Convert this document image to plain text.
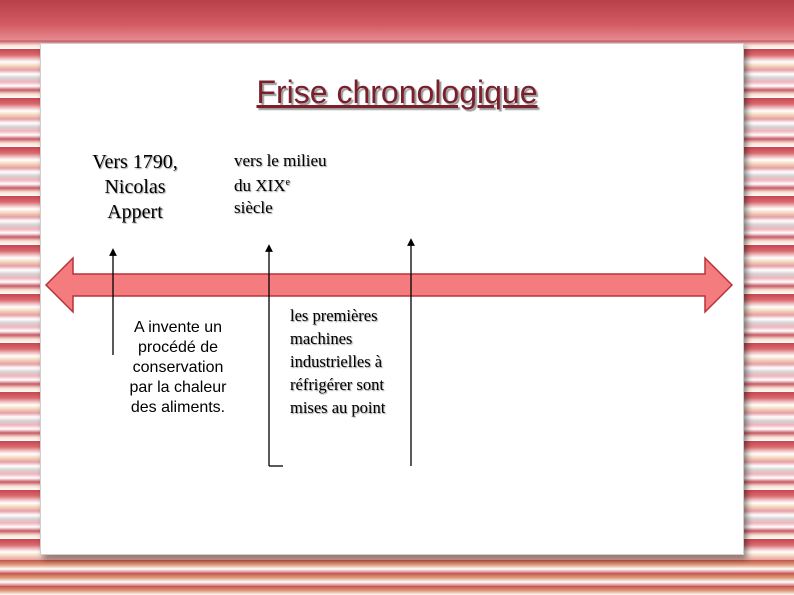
Frise chronologique
Vers 1790, Nicolas Appert
vers le milieu du XIXe
siècle
A invente un procédé de conservation par la chaleur des aliments.
les premières machines industrielles à réfrigérer sont mises au point
